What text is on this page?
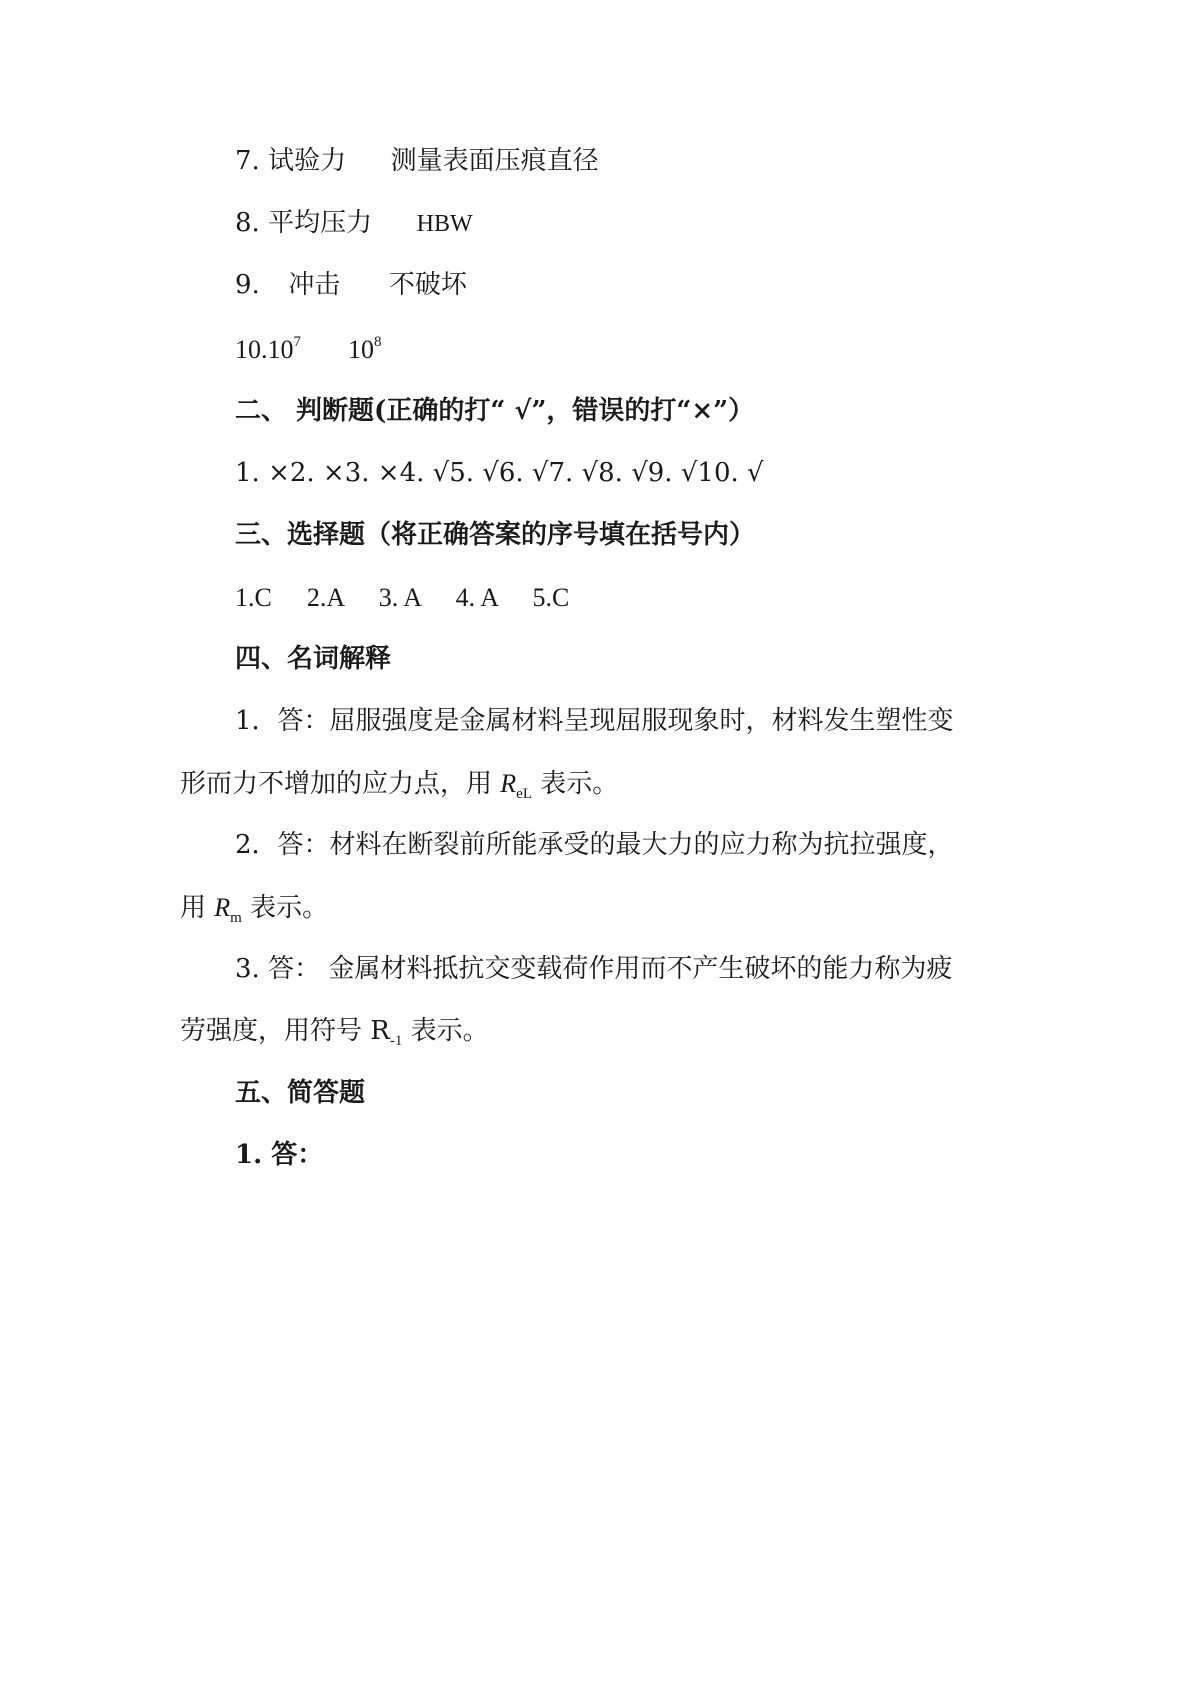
7. 试验力 测量表面压痕直径
8. 平均压力 HBW
9. 冲击 不破坏
10.10$^7$ $10^8$
二、 判断题(正确的打“ √”，错误的打“×”）
1. ×2. ×3. ×4. √5. √6. √7. √8. √9. √10. √
三、选择题（将正确答案的序号填在括号内）
1.C 2.A 3. A 4. A 5.C
四、名词解释
1．答：屈服强度是金属材料呈现屈服现象时，材料发生塑性变
形而力不增加的应力点，用 $R_{eL}$ 表示。
2．答：材料在断裂前所能承受的最大力的应力称为抗拉强度，
用 $R_m$ 表示。
3. 答： 金属材料抵抗交变载荷作用而不产生破坏的能力称为疲
劳强度，用符号 $R_{-1}$ 表示。
五、简答题
1. 答：
